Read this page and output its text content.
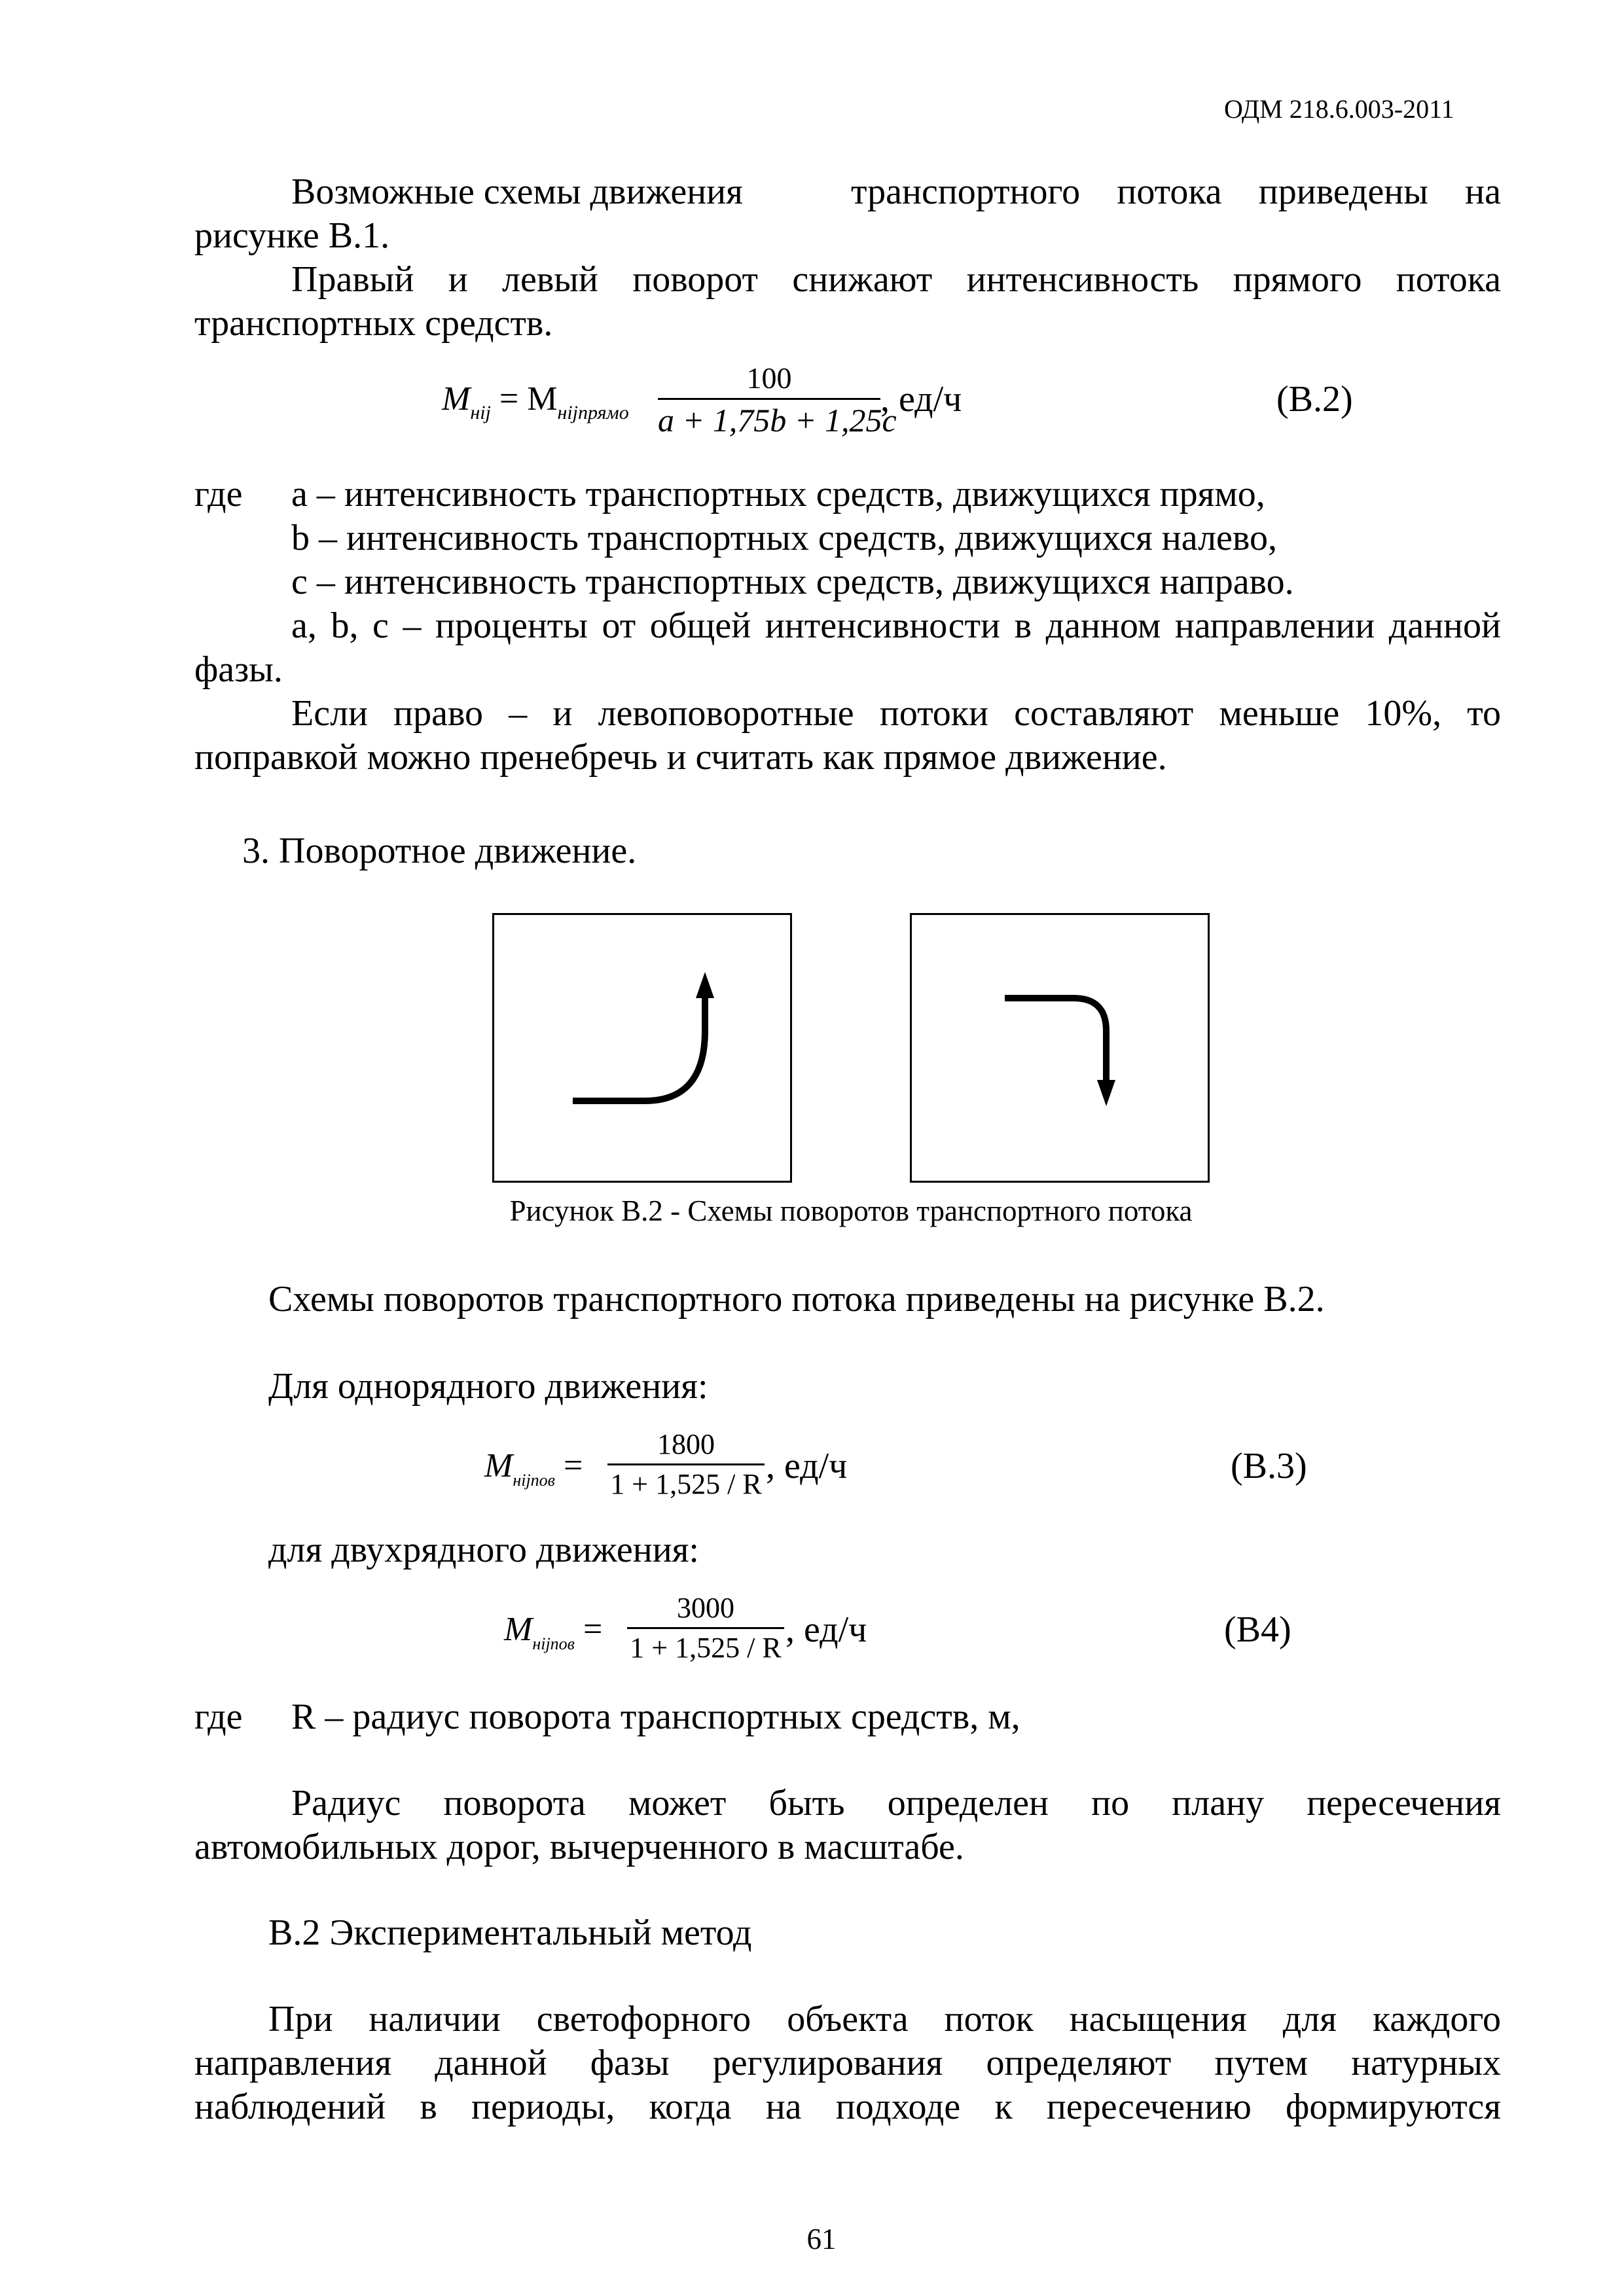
ОДМ 218.6.003-2011
Возможные схемы движения	транспортного потока приведены на
рисунке В.1.
Правый и левый поворот снижают интенсивность прямого потока
транспортных средств.
$M_{нij} = M_{нijпрямо}$
100
a + 1,75b + 1,25c
, ед/ч	(В.2)
где а – интенсивность транспортных средств, движущихся прямо,
b – интенсивность транспортных средств, движущихся налево,
с – интенсивность транспортных средств, движущихся направо.
a, b, c – проценты от общей интенсивности в данном направлении данной
фазы.
Если право – и левоповоротные потоки составляют меньше 10%, то
поправкой можно пренебречь и считать как прямое движение.
3. Поворотное движение.
Рисунок В.2 - Схемы поворотов транспортного потока
Схемы поворотов транспортного потока приведены на рисунке В.2.
Для однорядного движения:
$M_{нijпов}$ =
1800
1 + 1,525 / R , ед/ч	(В.3)
для двухрядного движения:
$M_{нijпов}$ =
3000
1 + 1,525 / R , ед/ч	(В4)
где R – радиус поворота транспортных средств, м,
Радиус поворота может быть определен по плану пересечения
автомобильных дорог, вычерченного в масштабе.
В.2 Экспериментальный метод
При наличии светофорного объекта поток насыщения для каждого
направления данной фазы регулирования определяют путем натурных
наблюдений в периоды, когда на подходе к пересечению формируются
61
